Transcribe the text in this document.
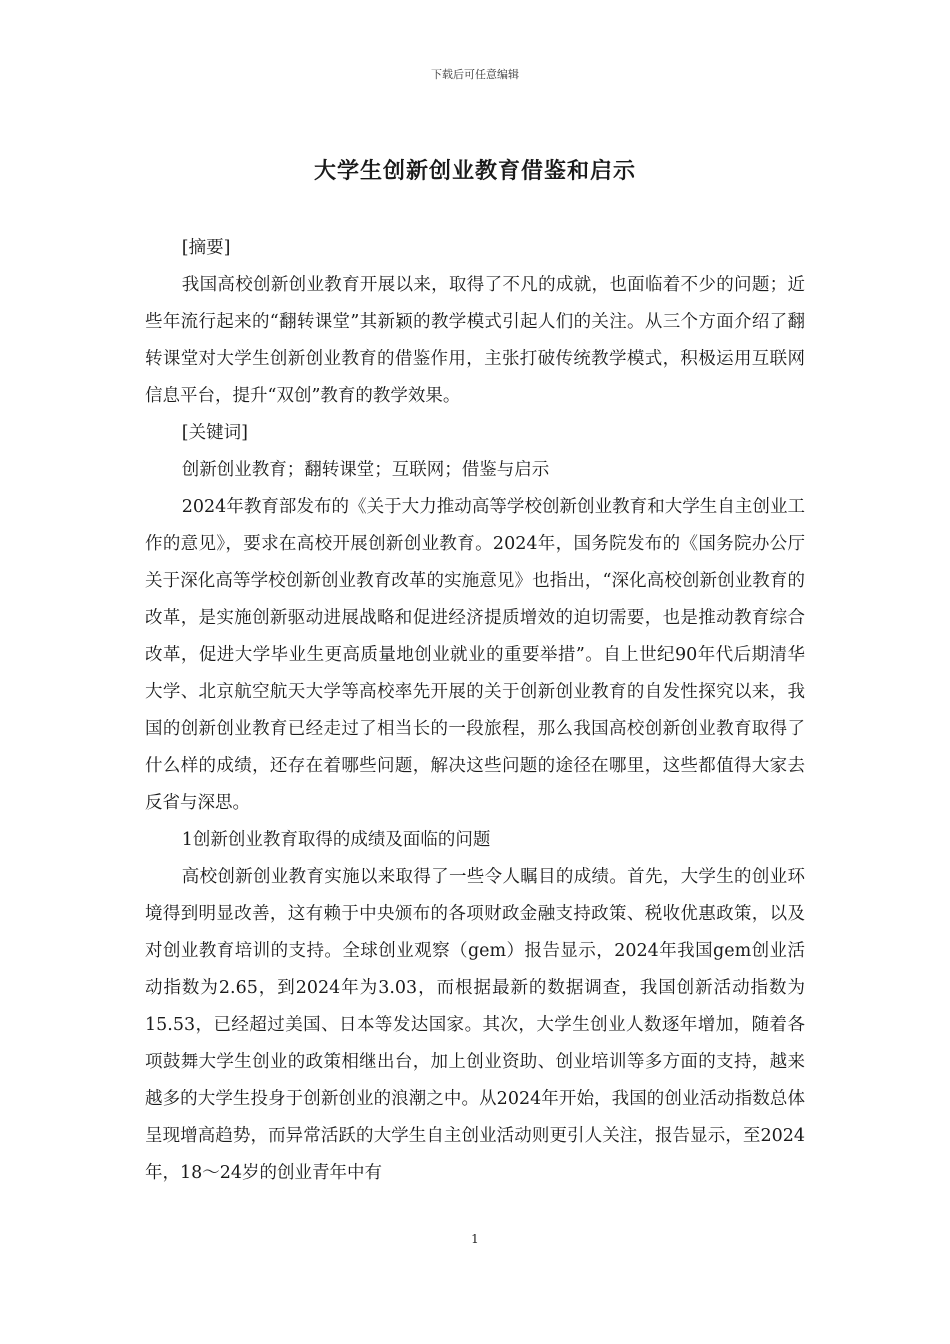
下载后可任意编辑
大学生创新创业教育借鉴和启示

[摘要]

我国高校创新创业教育开展以来，取得了不凡的成就，也面临着不少的问题；近些年流行起来的“翻转课堂”其新颖的教学模式引起人们的关注。从三个方面介绍了翻转课堂对大学生创新创业教育的借鉴作用，主张打破传统教学模式，积极运用互联网信息平台，提升“双创”教育的教学效果。

[关键词]

创新创业教育；翻转课堂；互联网；借鉴与启示

2024年教育部发布的《关于大力推动高等学校创新创业教育和大学生自主创业工作的意见》，要求在高校开展创新创业教育。2024年，国务院发布的《国务院办公厅关于深化高等学校创新创业教育改革的实施意见》也指出，“深化高校创新创业教育的改革，是实施创新驱动进展战略和促进经济提质增效的迫切需要，也是推动教育综合改革，促进大学毕业生更高质量地创业就业的重要举措”。自上世纪90年代后期清华大学、北京航空航天大学等高校率先开展的关于创新创业教育的自发性探究以来，我国的创新创业教育已经走过了相当长的一段旅程，那么我国高校创新创业教育取得了什么样的成绩，还存在着哪些问题，解决这些问题的途径在哪里，这些都值得大家去反省与深思。

1创新创业教育取得的成绩及面临的问题

高校创新创业教育实施以来取得了一些令人瞩目的成绩。首先，大学生的创业环境得到明显改善，这有赖于中央颁布的各项财政金融支持政策、税收优惠政策，以及对创业教育培训的支持。全球创业观察（gem）报告显示，2024年我国gem创业活动指数为2.65，到2024年为3.03，而根据最新的数据调查，我国创新活动指数为15.53，已经超过美国、日本等发达国家。其次，大学生创业人数逐年增加，随着各项鼓舞大学生创业的政策相继出台，加上创业资助、创业培训等多方面的支持，越来越多的大学生投身于创新创业的浪潮之中。从2024年开始，我国的创业活动指数总体呈现增高趋势，而异常活跃的大学生自主创业活动则更引人关注，报告显示，至2024年，18～24岁的创业青年中有

1
